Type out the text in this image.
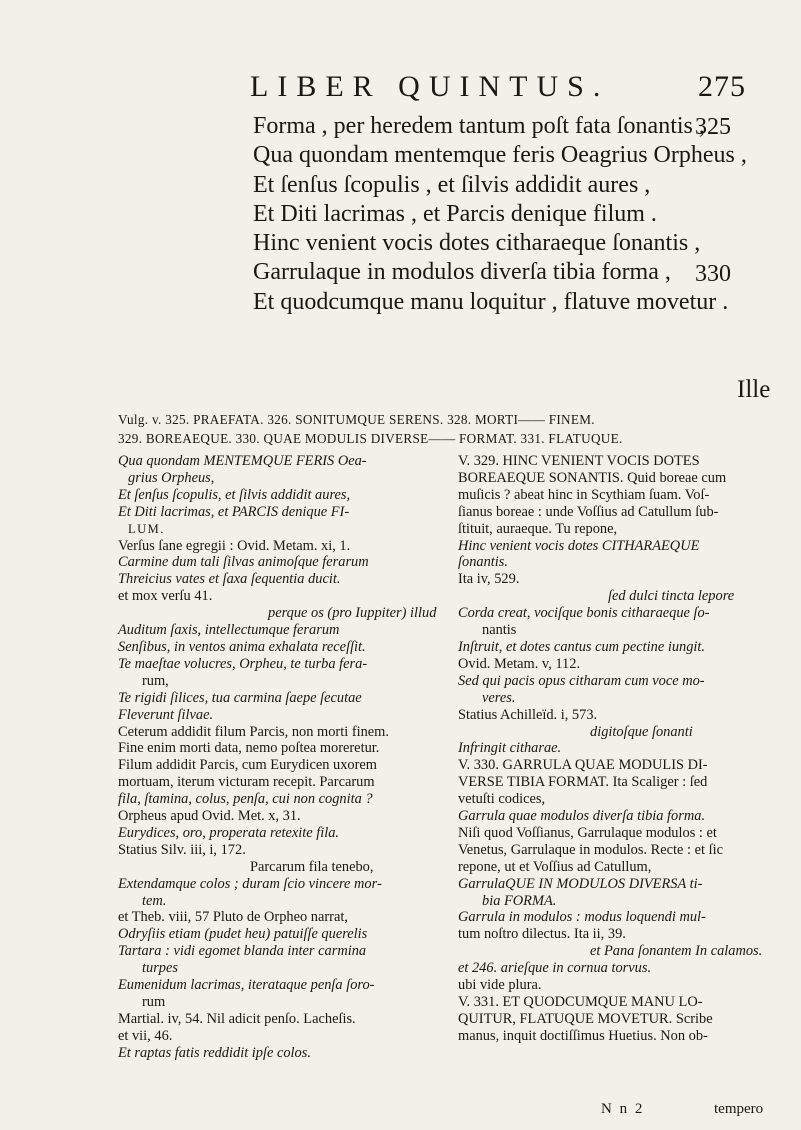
LIBER QUINTUS.	275
Forma , per heredem tantum poſt fata ſonantis ,
Qua quondam mentemque feris Oeagrius Orpheus ,
Et ſenſus ſcopulis , et ſilvis addidit aures ,
Et Diti lacrimas , et Parcis denique filum .
Hinc venient vocis dotes citharaeque ſonantis ,
Garrulaque in modulos diverſa tibia forma ,
Et quodcumque manu loquitur , flatuve movetur .
325
330
Ille
Vulg. v. 325. PRAEFATA. 326. SONITUMQUE SERENS. 328. MORTI—— FINEM.
329. BOREAEQUE. 330. QUAE MODULIS DIVERSE—— FORMAT. 331. FLATUQUE.

Qua quondam MENTEMQUE FERIS Oea-

grius Orpheus,

Et ſenſus ſcopulis, et ſilvis addidit aures,

Et Diti lacrimas, et PARCIS denique FI-

LUM.

Verſus ſane egregii : Ovid. Metam. xi, 1.

Carmine dum tali ſilvas animoſque ferarum

Threicius vates et ſaxa ſequentia ducit.

et mox verſu 41.

perque os (pro Iuppiter) illud

Auditum ſaxis, intellectumque ferarum

Senſibus, in ventos anima exhalata receſſit.

Te maeſtae volucres, Orpheu, te turba fera-

rum,

Te rigidi ſilices, tua carmina ſaepe ſecutae

Fleverunt ſilvae.

Ceterum addidit filum Parcis, non morti finem.

Fine enim morti data, nemo poſtea moreretur.

Filum addidit Parcis, cum Eurydicen uxorem

mortuam, iterum victuram recepit. Parcarum

fila, ſtamina, colus, penſa, cui non cognita ?

Orpheus apud Ovid. Met. x, 31.

Eurydices, oro, properata retexite fila.

Statius Silv. iii, i, 172.

Parcarum fila tenebo,

Extendamque colos ; duram ſcio vincere mor-

tem.

et Theb. viii, 57 Pluto de Orpheo narrat,

Odryſiis etiam (pudet heu) patuiſſe querelis

Tartara : vidi egomet blanda inter carmina

turpes

Eumenidum lacrimas, iterataque penſa ſoro-

rum

Martial. iv, 54. Nil adicit penſo. Lacheſis.

et vii, 46.

Et raptas fatis reddidit ipſe colos.

V. 329. HINC VENIENT VOCIS DOTES

BOREAEQUE SONANTIS. Quid boreae cum

muſicis ? abeat hinc in Scythiam ſuam. Voſ-

ſianus boreae : unde Voſſius ad Catullum ſub-

ſtituit, auraeque. Tu repone,

Hinc venient vocis dotes CITHARAEQUE

ſonantis.

Ita iv, 529.

ſed dulci tincta lepore

Corda creat, vociſque bonis citharaeque ſo-

nantis

Inſtruit, et dotes cantus cum pectine iungit.

Ovid. Metam. v, 112.

Sed qui pacis opus citharam cum voce mo-

veres.

Statius Achilleïd. i, 573.

digitoſque ſonanti

Infringit citharae.

V. 330. GARRULA QUAE MODULIS DI-

VERSE TIBIA FORMAT. Ita Scaliger : ſed

vetuſti codices,

Garrula quae modulos diverſa tibia forma.

Niſi quod Voſſianus, Garrulaque modulos : et

Venetus, Garrulaque in modulos. Recte : et ſic

repone, ut et Voſſius ad Catullum,

GarrulaQUE IN MODULOS DIVERSA ti-

bia FORMA.

Garrula in modulos : modus loquendi mul-

tum noſtro dilectus. Ita ii, 39.

et Pana ſonantem In calamos.

et 246. arieſque in cornua torvus.

ubi vide plura.

V. 331. ET QUODCUMQUE MANU LO-

QUITUR, FLATUQUE MOVETUR. Scribe

manus, inquit doctiſſimus Huetius. Non ob-

N n 2	tempero
